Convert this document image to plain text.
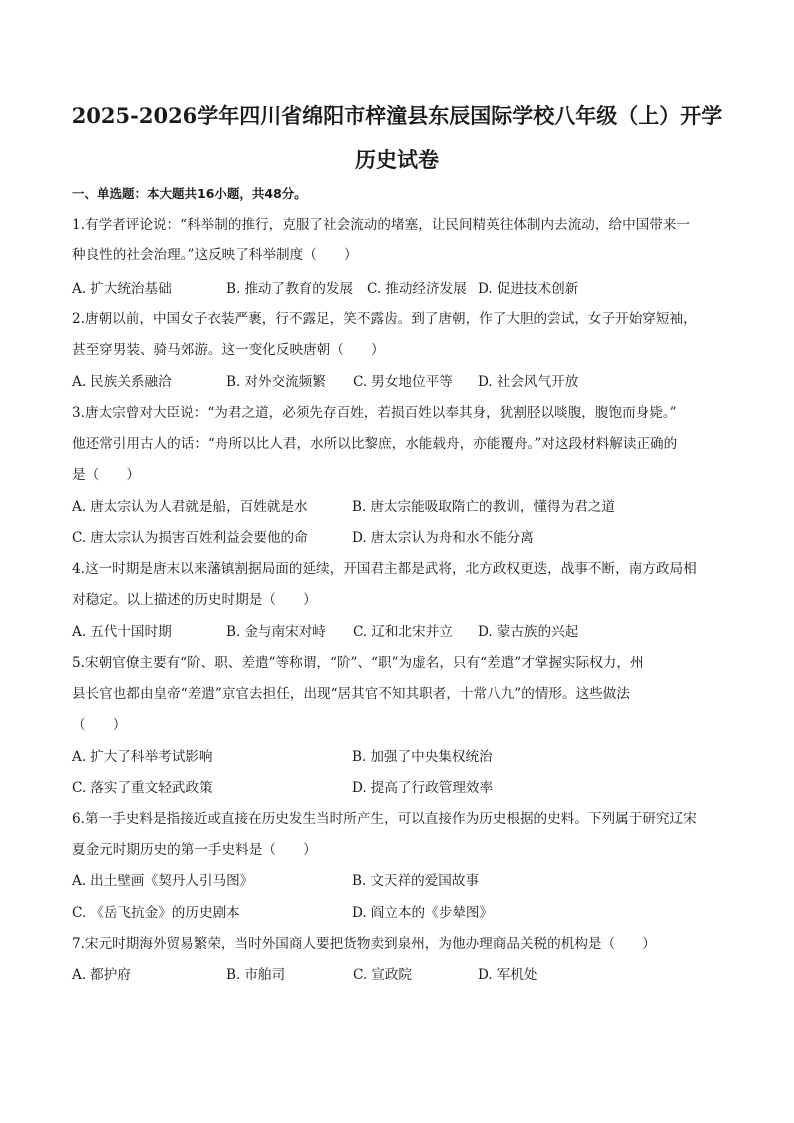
2025-2026学年四川省绵阳市梓潼县东辰国际学校八年级（上）开学
历史试卷
一、单选题：本大题共16小题，共48分。
1.有学者评论说：“科举制的推行，克服了社会流动的堵塞，让民间精英往体制内去流动，给中国带来一
种良性的社会治理。”这反映了科举制度（　　）
A. 扩大统治基础	B. 推动了教育的发展 C. 推动经济发展 D. 促进技术创新
2.唐朝以前，中国女子衣装严裹，行不露足，笑不露齿。到了唐朝，作了大胆的尝试，女子开始穿短袖，
甚至穿男装、骑马郊游。这一变化反映唐朝（　　）
A. 民族关系融洽	B. 对外交流频繁 C. 男女地位平等 D. 社会风气开放
3.唐太宗曾对大臣说：“为君之道，必须先存百姓，若损百姓以奉其身，犹割胫以啖腹，腹饱而身毙。”
他还常引用古人的话：“舟所以比人君，水所以比黎庶，水能载舟，亦能覆舟。”对这段材料解读正确的
是（　　）
A. 唐太宗认为人君就是船，百姓就是水	B. 唐太宗能吸取隋亡的教训，懂得为君之道
C. 唐太宗认为损害百姓利益会要他的命	D. 唐太宗认为舟和水不能分离
4.这一时期是唐末以来藩镇割据局面的延续，开国君主都是武将，北方政权更迭，战事不断，南方政局相
对稳定。以上描述的历史时期是（　　）
A. 五代十国时期	B. 金与南宋对峙 C. 辽和北宋并立 D. 蒙古族的兴起
5.宋朝官僚主要有“阶、职、差遣”等称谓，“阶”、“职”为虚名，只有“差遣”才掌握实际权力，州
县长官也都由皇帝“差遣”京官去担任，出现“居其官不知其职者，十常八九”的情形。这些做法
（　　）
A. 扩大了科举考试影响	B. 加强了中央集权统治
C. 落实了重文轻武政策	D. 提高了行政管理效率
6.第一手史料是指接近或直接在历史发生当时所产生，可以直接作为历史根据的史料。下列属于研究辽宋
夏金元时期历史的第一手史料是（　　）
A. 出土壁画《契丹人引马图》	B. 文天祥的爱国故事
C. 《岳飞抗金》的历史剧本	D. 阎立本的《步辇图》
7.宋元时期海外贸易繁荣，当时外国商人要把货物卖到泉州，为他办理商品关税的机构是（　　）
A. 都护府	B. 市舶司	C. 宣政院	D. 军机处
